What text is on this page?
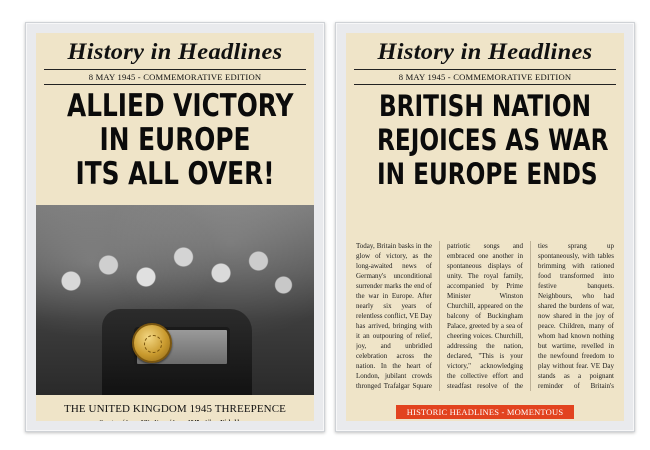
History in Headlines
8 MAY 1945 - COMMEMORATIVE EDITION
ALLIED VICTORY
IN EUROPE
ITS ALL OVER!
THE UNITED KINGDOM 1945 THREEPENCE
History in Headlines
8 MAY 1945 - COMMEMORATIVE EDITION
BRITISH NATION
REJOICES AS WAR
IN EUROPE ENDS
Today, Britain basks in the glow of victory, as the long-awaited news of Germany's unconditional surrender marks the end of the war in Europe. After nearly six years of relentless conflict, VE Day has arrived, bringing with it an outpouring of relief, joy, and unbridled celebration across the nation. In the heart of London, jubilant crowds thronged Trafalgar Square
patriotic songs and embraced one another in spontaneous displays of unity. The royal family, accompanied by Prime Minister Winston Churchill, appeared on the balcony of Buckingham Palace, greeted by a sea of cheering voices. Churchill, addressing the nation, declared, "This is your victory," acknowledging the collective effort and steadfast resolve of the
ties sprang up spontaneously, with tables brimming with rationed food transformed into festive banquets. Neighbours, who had shared the burdens of war, now shared in the joy of peace. Children, many of whom had known nothing but wartime, revelled in the newfound freedom to play without fear. VE Day stands as a poignant reminder of Britain's
HISTORIC HEADLINES - MOMENTOUS
